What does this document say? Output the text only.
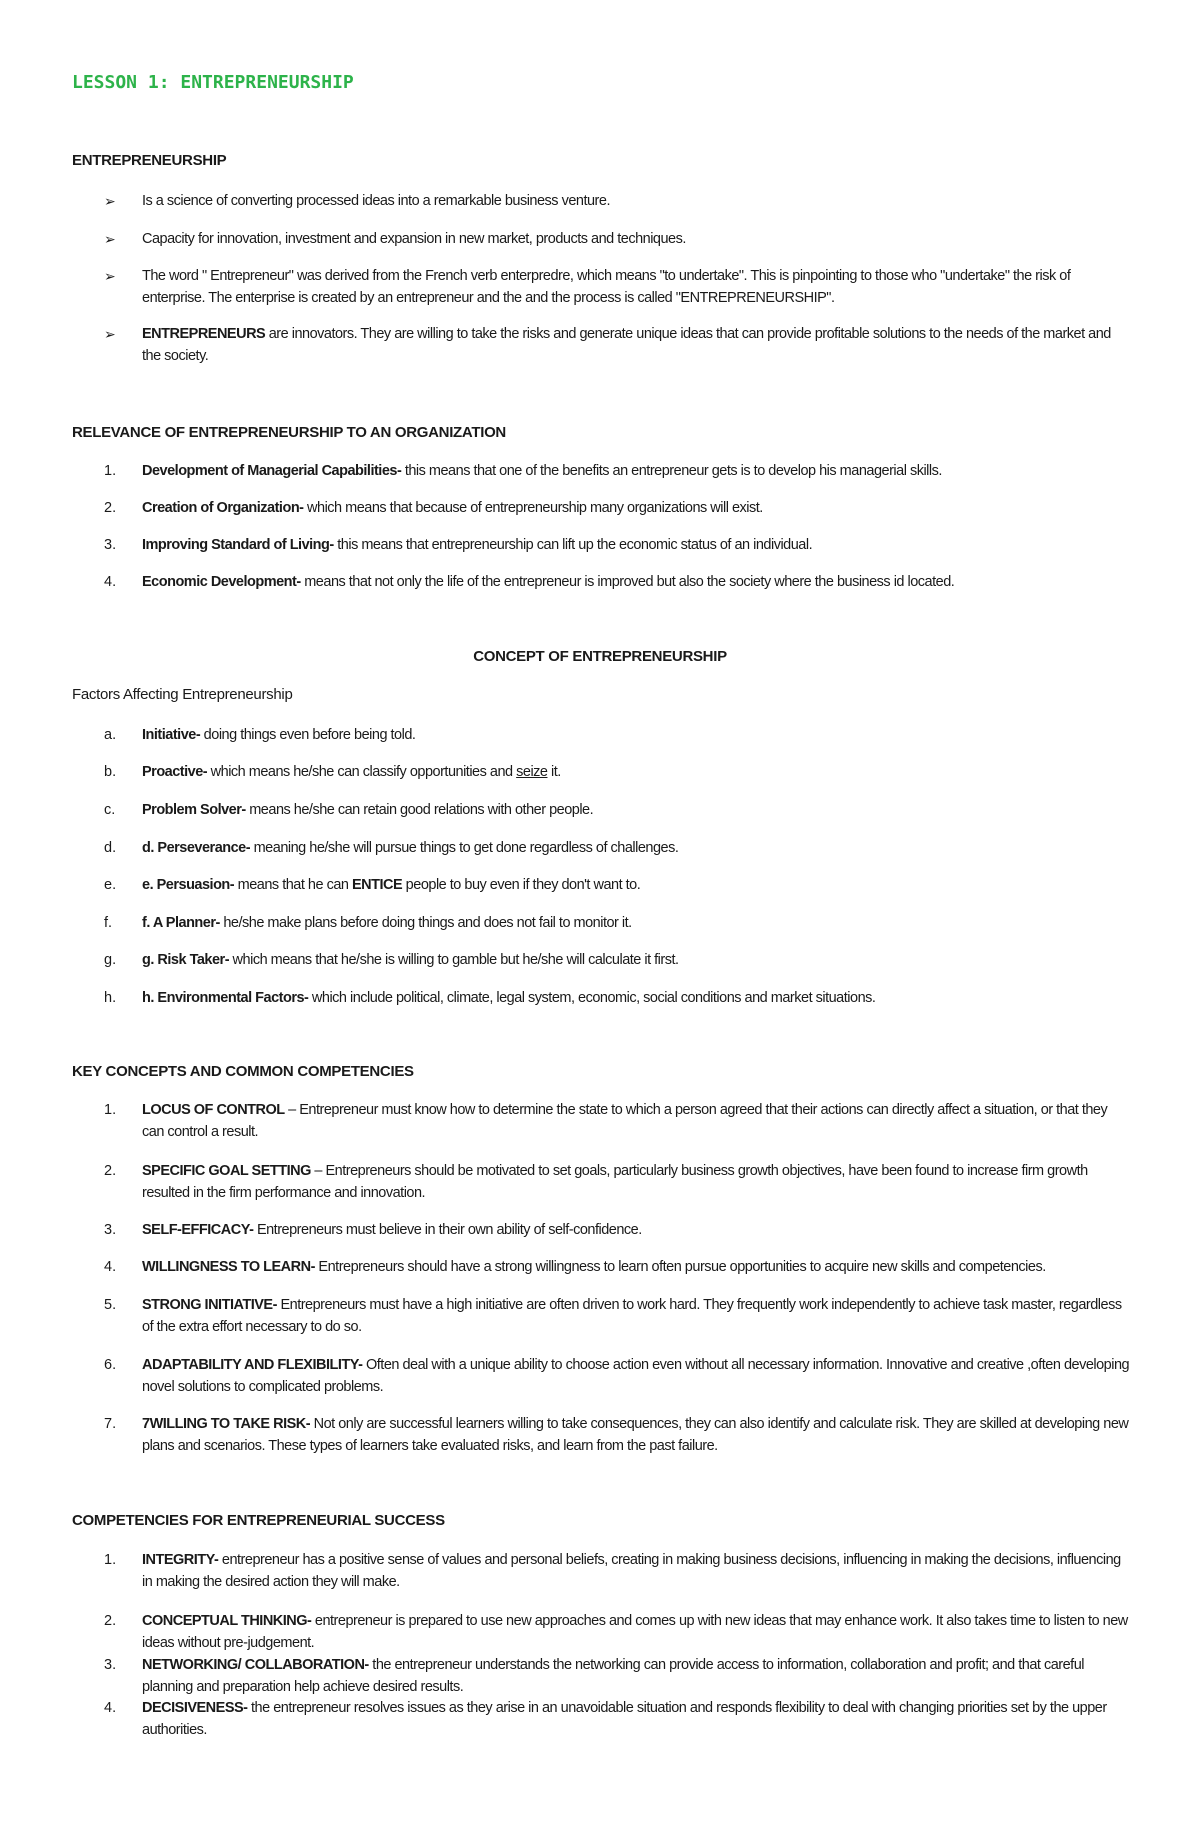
LESSON 1: ENTREPRENEURSHIP
ENTREPRENEURSHIP
➢ Is a science of converting processed ideas into a remarkable business venture.
➢ Capacity for innovation, investment and expansion in new market, products and techniques.
➢ The word " Entrepreneur" was derived from the French verb enterpredre, which means "to undertake". This is pinpointing to those who "undertake" the risk of enterprise. The enterprise is created by an entrepreneur and the and the process is called "ENTREPRENEURSHIP".
➢ ENTREPRENEURS are innovators. They are willing to take the risks and generate unique ideas that can provide profitable solutions to the needs of the market and the society.
RELEVANCE OF ENTREPRENEURSHIP TO AN ORGANIZATION
1. Development of Managerial Capabilities- this means that one of the benefits an entrepreneur gets is to develop his managerial skills.
2. Creation of Organization- which means that because of entrepreneurship many organizations will exist.
3. Improving Standard of Living- this means that entrepreneurship can lift up the economic status of an individual.
4. Economic Development- means that not only the life of the entrepreneur is improved but also the society where the business id located.
CONCEPT OF ENTREPRENEURSHIP
Factors Affecting Entrepreneurship
a. Initiative- doing things even before being told.
b. Proactive- which means he/she can classify opportunities and seize it.
c. Problem Solver- means he/she can retain good relations with other people.
d. d. Perseverance- meaning he/she will pursue things to get done regardless of challenges.
e. e. Persuasion- means that he can ENTICE people to buy even if they don't want to.
f. f. A Planner- he/she make plans before doing things and does not fail to monitor it.
g. g. Risk Taker- which means that he/she is willing to gamble but he/she will calculate it first.
h. h. Environmental Factors- which include political, climate, legal system, economic, social conditions and market situations.
KEY CONCEPTS AND COMMON COMPETENCIES
1. LOCUS OF CONTROL – Entrepreneur must know how to determine the state to which a person agreed that their actions can directly affect a situation, or that they can control a result.
2. SPECIFIC GOAL SETTING – Entrepreneurs should be motivated to set goals, particularly business growth objectives, have been found to increase firm growth resulted in the firm performance and innovation.
3. SELF-EFFICACY- Entrepreneurs must believe in their own ability of self-confidence.
4. WILLINGNESS TO LEARN- Entrepreneurs should have a strong willingness to learn often pursue opportunities to acquire new skills and competencies.
5. STRONG INITIATIVE- Entrepreneurs must have a high initiative are often driven to work hard. They frequently work independently to achieve task master, regardless of the extra effort necessary to do so.
6. ADAPTABILITY AND FLEXIBILITY- Often deal with a unique ability to choose action even without all necessary information. Innovative and creative ,often developing novel solutions to complicated problems.
7. 7WILLING TO TAKE RISK- Not only are successful learners willing to take consequences, they can also identify and calculate risk. They are skilled at developing new plans and scenarios. These types of learners take evaluated risks, and learn from the past failure.
COMPETENCIES FOR ENTREPRENEURIAL SUCCESS
1. INTEGRITY- entrepreneur has a positive sense of values and personal beliefs, creating in making business decisions, influencing in making the decisions, influencing in making the desired action they will make.
2. CONCEPTUAL THINKING- entrepreneur is prepared to use new approaches and comes up with new ideas that may enhance work. It also takes time to listen to new ideas without pre-judgement.
3. NETWORKING/ COLLABORATION- the entrepreneur understands the networking can provide access to information, collaboration and profit; and that careful planning and preparation help achieve desired results.
4. DECISIVENESS- the entrepreneur resolves issues as they arise in an unavoidable situation and responds flexibility to deal with changing priorities set by the upper authorities.
